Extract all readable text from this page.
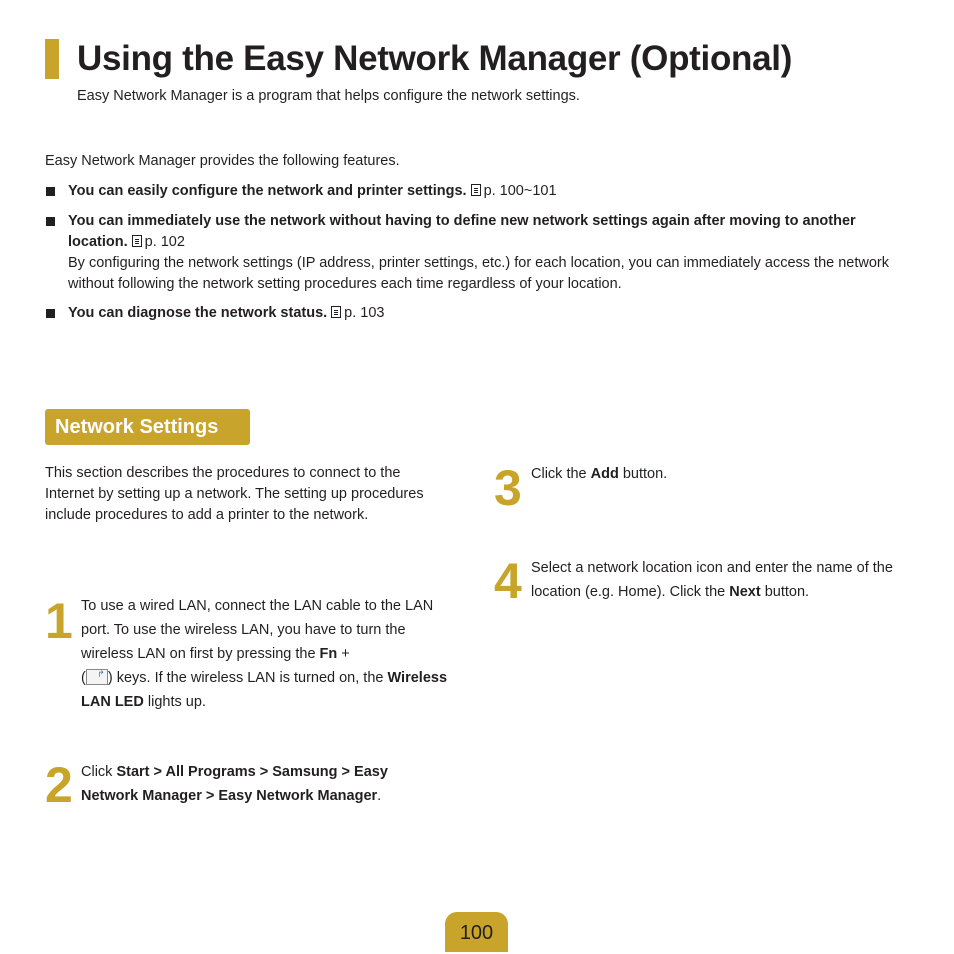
Using the Easy Network Manager (Optional)
Easy Network Manager is a program that helps configure the network settings.
Easy Network Manager provides the following features.
You can easily configure the network and printer settings. p. 100~101
You can immediately use the network without having to define new network settings again after moving to another location. p. 102
By configuring the network settings (IP address, printer settings, etc.) for each location, you can immediately access the network without following the network setting procedures each time regardless of your location.
You can diagnose the network status. p. 103
Network Settings
This section describes the procedures to connect to the Internet by setting up a network. The setting up procedures include procedures to add a printer to the network.
1 To use a wired LAN, connect the LAN cable to the LAN port. To use the wireless LAN, you have to turn the wireless LAN on first by pressing the Fn +
(↱ ) keys. If the wireless LAN is turned on, the Wireless LAN LED lights up.
2 Click Start > All Programs > Samsung > Easy Network Manager > Easy Network Manager.
3 Click the Add button.
4 Select a network location icon and enter the name of the location (e.g. Home). Click the Next button.
100
